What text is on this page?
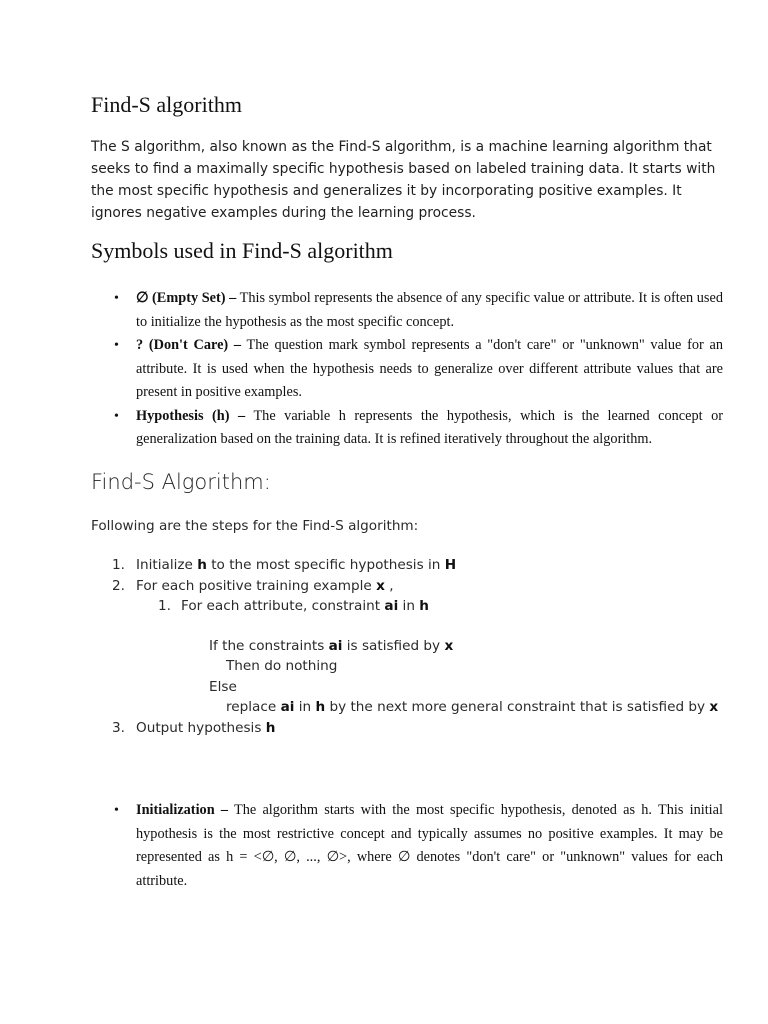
Find-S algorithm

The S algorithm, also known as the Find-S algorithm, is a machine learning algorithm that seeks to find a maximally specific hypothesis based on labeled training data. It starts with the most specific hypothesis and generalizes it by incorporating positive examples. It ignores negative examples during the learning process.

Symbols used in Find-S algorithm
• ∅ (Empty Set) – This symbol represents the absence of any specific value or attribute. It is often used to initialize the hypothesis as the most specific concept.
• ? (Don't Care) – The question mark symbol represents a "don't care" or "unknown" value for an attribute. It is used when the hypothesis needs to generalize over different attribute values that are present in positive examples.
• Hypothesis (h) – The variable h represents the hypothesis, which is the learned concept or generalization based on the training data. It is refined iteratively throughout the algorithm.
Find-S Algorithm:

Following are the steps for the Find-S algorithm:

1. Initialize h to the most specific hypothesis in H

2. For each positive training example x ,

1. For each attribute, constraint ai in h

If the constraints ai is satisfied by x

Then do nothing

Else

replace ai in h by the next more general constraint that is satisfied by x

3. Output hypothesis h

• Initialization – The algorithm starts with the most specific hypothesis, denoted as h. This initial hypothesis is the most restrictive concept and typically assumes no positive examples. It may be represented as h = <∅, ∅, ..., ∅>, where ∅ denotes "don't care" or "unknown" values for each attribute.
